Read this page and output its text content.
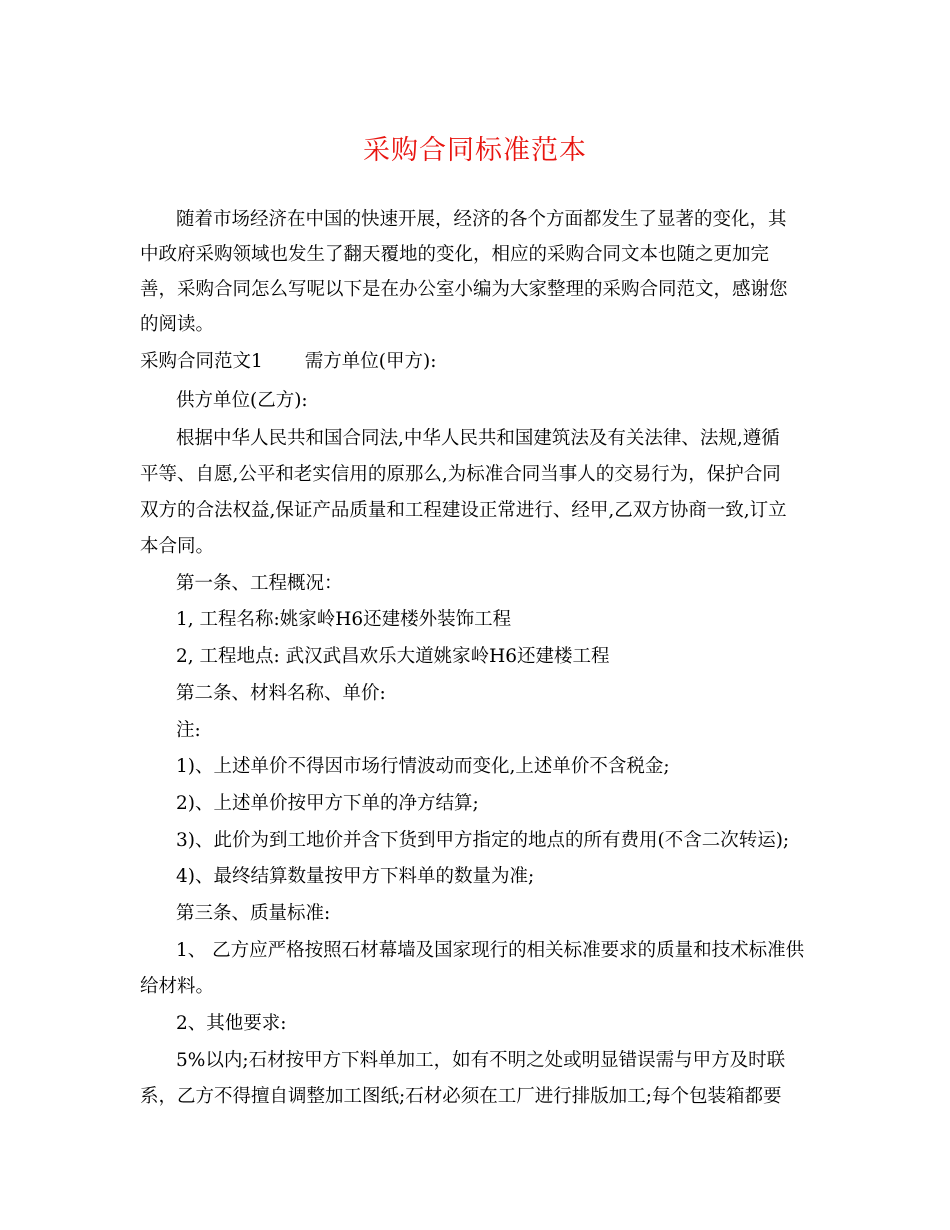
采购合同标准范本
随着市场经济在中国的快速开展，经济的各个方面都发生了显著的变化，其
中政府采购领域也发生了翻天覆地的变化，相应的采购合同文本也随之更加完
善，采购合同怎么写呢以下是在办公室小编为大家整理的采购合同范文，感谢您
的阅读。
采购合同范文1 需方单位(甲方):
供方单位(乙方):
根据中华人民共和国合同法,中华人民共和国建筑法及有关法律、法规,遵循
平等、自愿,公平和老实信用的原那么,为标准合同当事人的交易行为，保护合同
双方的合法权益,保证产品质量和工程建设正常进行、经甲,乙双方协商一致,订立
本合同。
第一条、工程概况：
1, 工程名称:姚家岭H6还建楼外装饰工程
2, 工程地点: 武汉武昌欢乐大道姚家岭H6还建楼工程
第二条、材料名称、单价:
注:
1)、上述单价不得因市场行情波动而变化,上述单价不含税金;
2)、上述单价按甲方下单的净方结算;
3)、此价为到工地价并含下货到甲方指定的地点的所有费用(不含二次转运);
4)、最终结算数量按甲方下料单的数量为准;
第三条、质量标准:
1、 乙方应严格按照石材幕墙及国家现行的相关标准要求的质量和技术标准供
给材料。
2、其他要求:
5%以内;石材按甲方下料单加工，如有不明之处或明显错误需与甲方及时联
系，乙方不得擅自调整加工图纸;石材必须在工厂进行排版加工;每个包装箱都要
